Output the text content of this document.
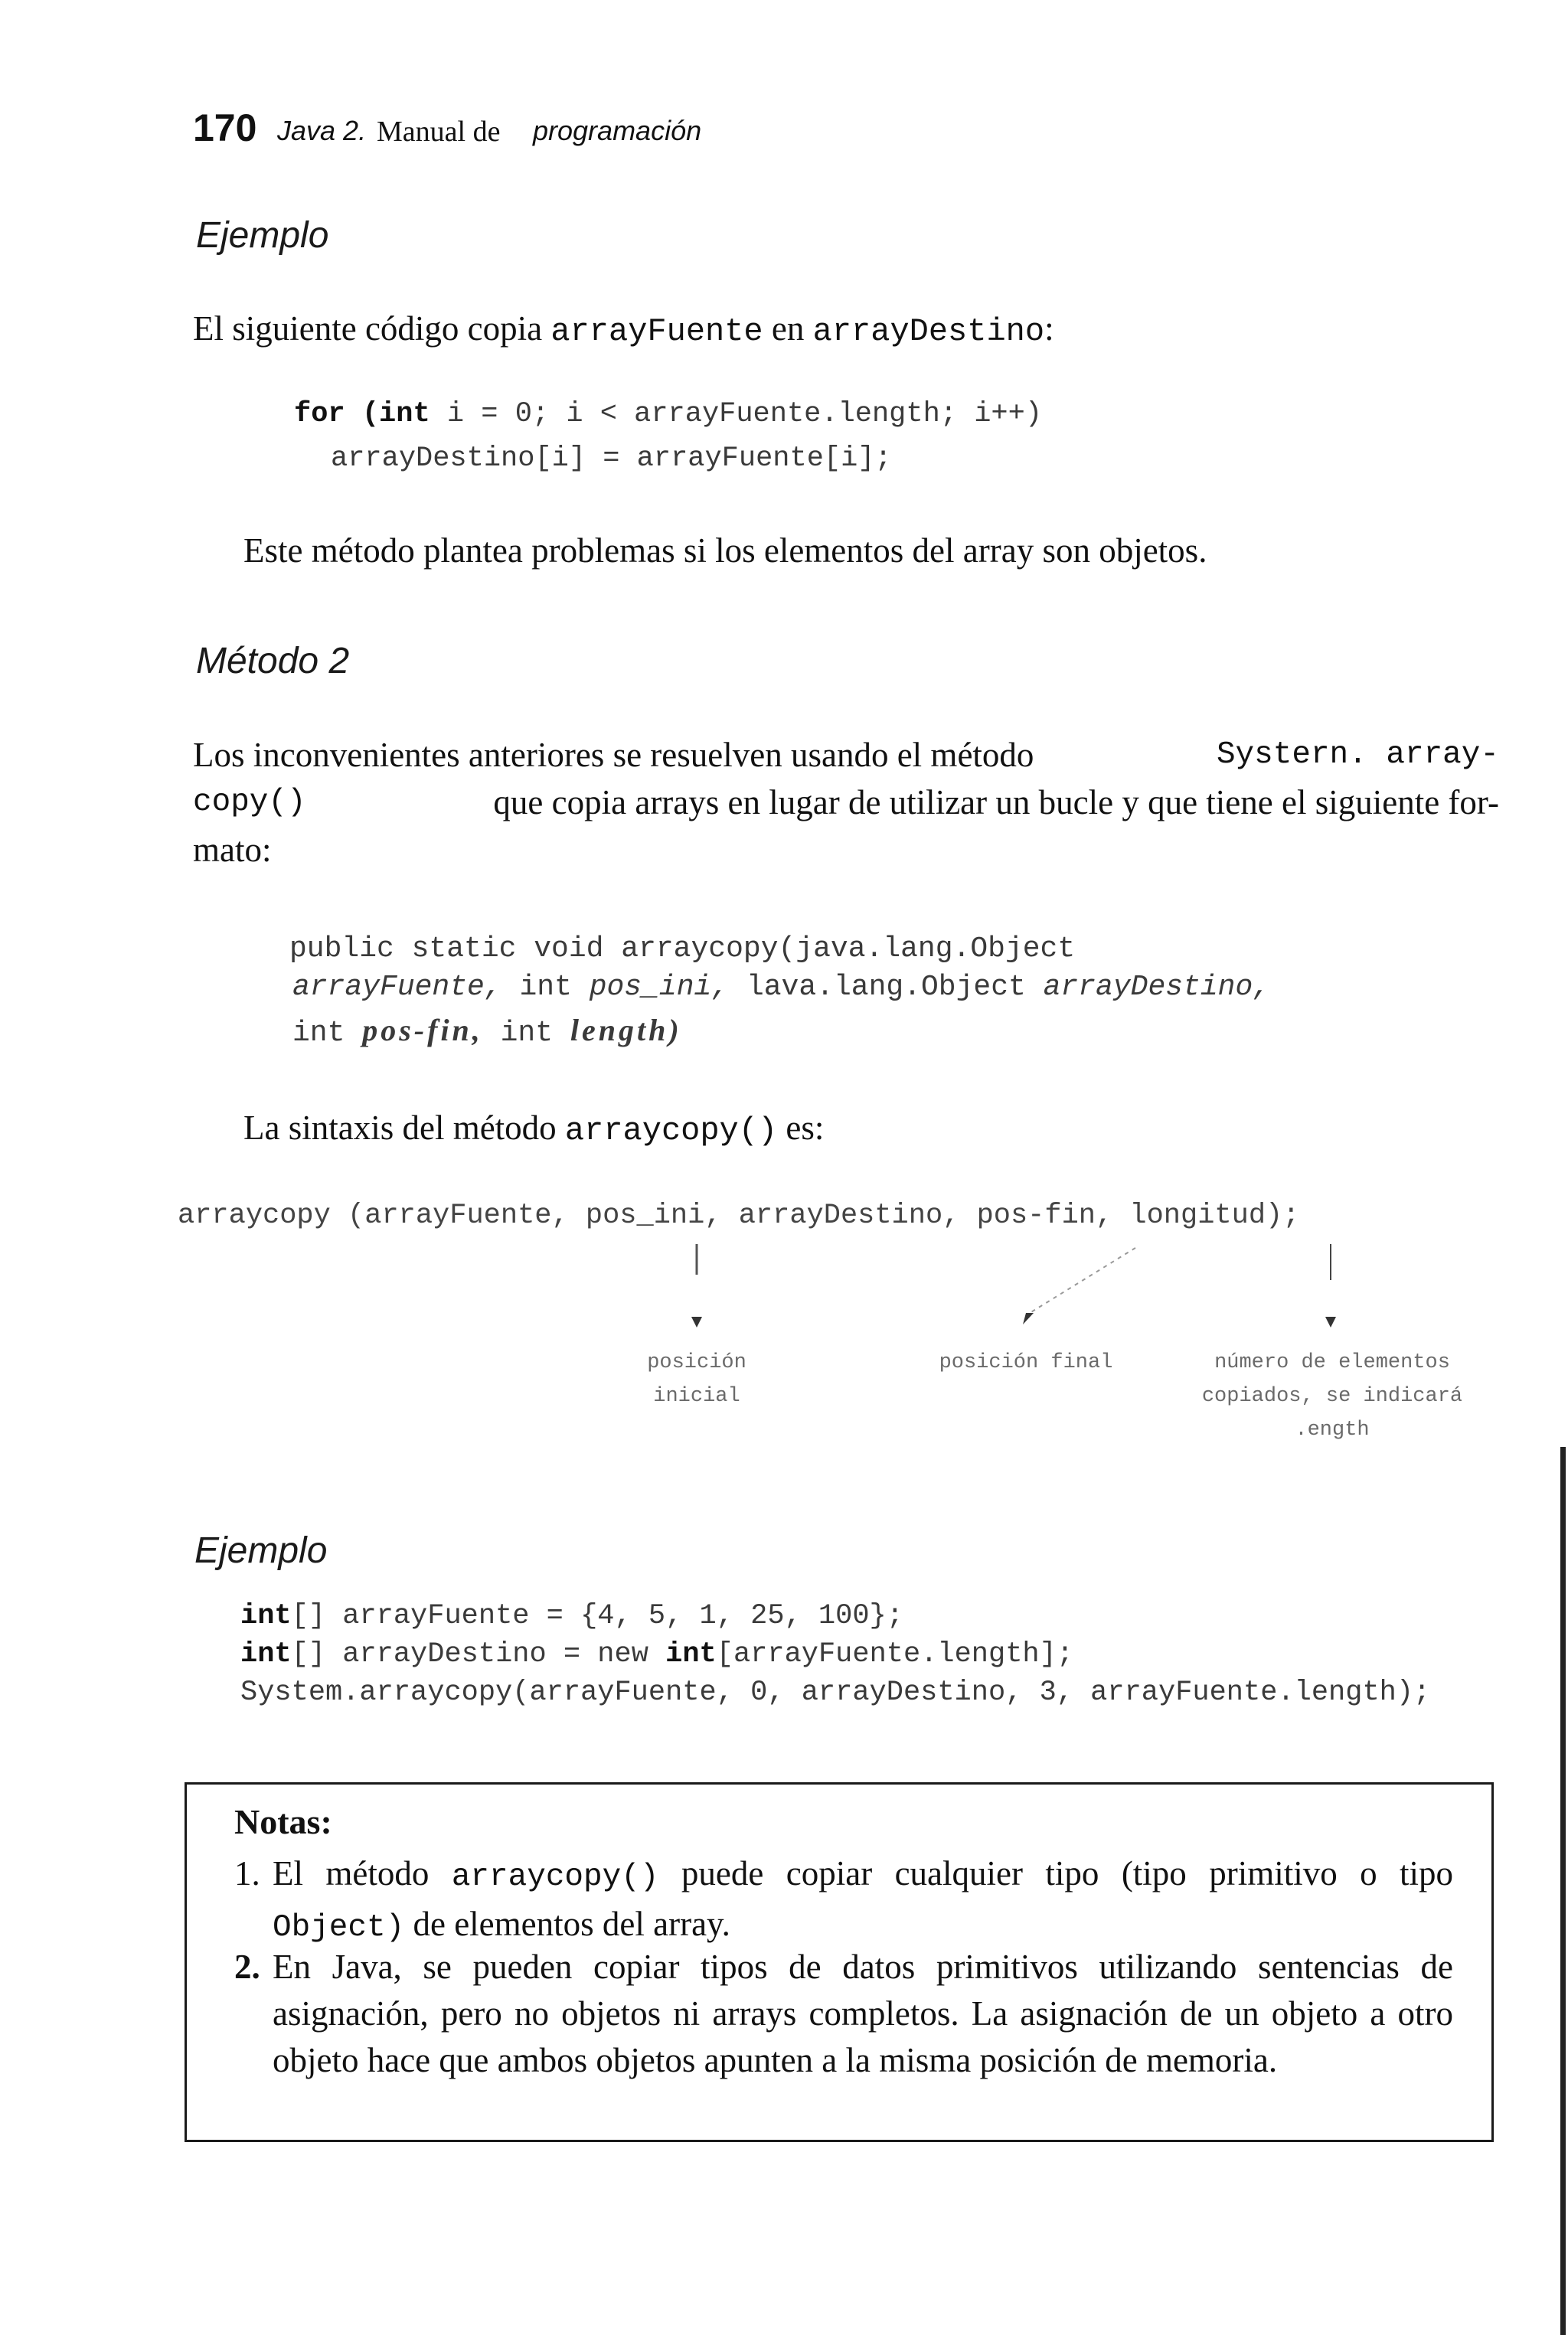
170 Java 2. Manual de programación
Ejemplo
El siguiente código copia arrayFuente en arrayDestino:
for (int i = 0; i < arrayFuente.length; i++)
arrayDestino[i] = arrayFuente[i];
Este método plantea problemas si los elementos del array son objetos.
Método 2
Los inconvenientes anteriores se resuelven usando el método	Systern. array-
copy()	que copia arrays en lugar de utilizar un bucle y que tiene el siguiente for-
mato:
public static void arraycopy(java.lang.Object
arrayFuente, int pos_ini, lava.lang.Object arrayDestino,
int pos-fin, int length)
La sintaxis del método arraycopy() es:
arraycopy (arrayFuente, pos_ini, arrayDestino, pos-fin, longitud);
posición
inicial
posición final	número de elementos
copiados, se indicará
.ength
Ejemplo
int[] arrayFuente = {4, 5, 1, 25, 100};
int[] arrayDestino = new int[arrayFuente.length];
System.arraycopy(arrayFuente, 0, arrayDestino, 3, arrayFuente.length);
Notas:
1. El método arraycopy() puede copiar cualquier tipo (tipo primitivo o tipo Object) de elementos del array.
2. En Java, se pueden copiar tipos de datos primitivos utilizando sentencias de asignación, pero no objetos ni arrays completos. La asignación de un objeto a otro objeto hace que ambos objetos apunten a la misma posición de memoria.
